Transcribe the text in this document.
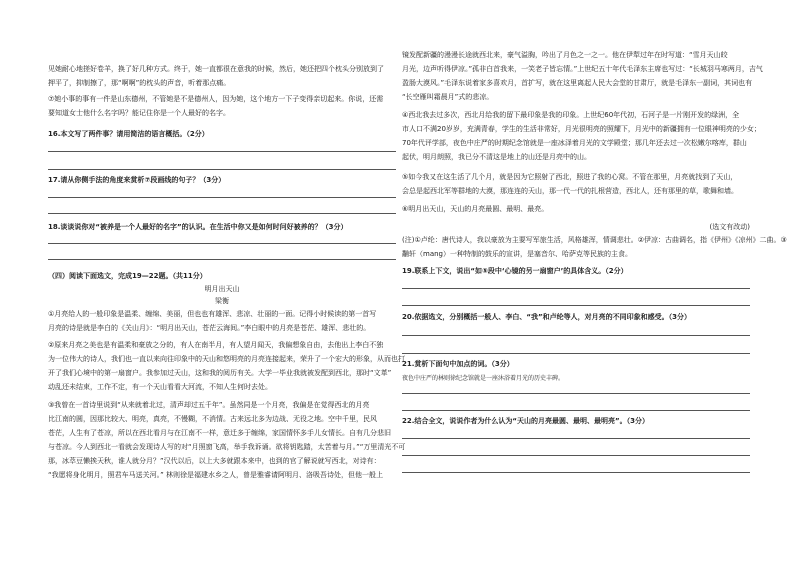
见她耐心地搓好卷羊，换了好几种方式。终于，她一直都很在意我的时候，然后，她还把四个枕头分别放到了
押平了，抑制擦了，那“啊啊”的枕头的声音，听着那点痛。
⑦她小事的事有一件是山东德州，不管她是不是德州人，因为她，这个地方一下子变得亲切起来。你说，还需
要知道女士他什么名字吗？能记住你是一个人最好的名字。
16.本文写了两件事？请用简洁的语言概括。（2分）
17.请从你侧手法的角度来赏析⑦段画线的句子？（3分）
18.谈谈说你对“被养是一个人最好的名字”的认识。在生活中你又是如何时问好被养的？（3分）
（四）阅读下面选文，完成19—22题。（共11分）
明月出天山
梁衡
①月亮给人的一般印象是温柔、缠绵、美丽，但也也有雄浑、悲凉、壮丽的一面。记得小时候读的第一首写
月亮的诗是就是李白的《关山月》：“明月出天山，苍茫云海间。”李白眼中的月亮是苍茫、雄浑、悲壮的。
②原来月亮之美也是有温柔和豪放之分的，有人在南半月，有人望月闻天，我偏想象自由，去他出上李白不独
为一位伟大的诗人，我们也一直以来向往印象中的天山和悠明亮的月亮连接起来，荣升了一个宏大的形象，从而也打
开了我们心境中的第一扇窗户。我参加过天山，这和我的阅历有关。大学一毕业我就被发配到西北，那时“文革”
动乱还未结束，工作不定，有一个天山看看大河流，不知人生何时去处。
③我曾在一首诗里说到“从来就着北过，清声却过五千年”。虽然同是一个月亮，我偏是在觉得西北的月亮
比江南的圆，因那比较大、明亮，真亮，不慢糊，不消情。古来远北多为边战、无役之地。空中千里，民风
苍茫，人生有了苍凉，所以在西北看月与在江南不一样，意迁多于缠绵，家国情怀多手儿女情长。自有几分悲旧
与苍凉。今人到西北一看就会发现诗人写的对“月照窗飞高，举手我诉诵。欲将钥匙踏，太苦着与月。”“万里清光不可
那，冰萃豆懒挨天秋，谁人就分月？”汉代以后，以上大多就跟本来中，也到的官了解说就写西北，对诗有：
“我愿将身化明月，照君车马送关河。” 林则徐是福建水乡之人，曾是雅睿请阿明月、洛吸吾诗处，但他一般上
镜发配新疆的漫漫长途就西北来，豪气溢胸，吟出了月色之一之一。他在伊犁过年在时写道：“雪月天山皎
月光，边声听得伊凉。”孤非白首我来，一笑老子皆忘情。”上世纪五十年代毛泽东主席也写过：“长城羽马寒两月，吉气
盈肠大漠风。”毛泽东说着家多喜欢月，首扩写，就在这里离起人民大会堂的甘肃厅，就是毛泽东一副词，其词也有
“长空雁叫霜晨月”式的悲凉。
④西北我去过多次，西北月给我的留下最印象是我的印象。上世纪60年代初，石河子是一片刚开发的绿洲，全
市人口不满20岁岁，充满青春，学生的生活非常好，月光很明亮的照耀下，月光中的新疆拥有一位眼神明亮的少女；
70年代评学部，夜色中庄严的时期纪念馆就是一座冰泽着月光的文学殿堂；那几年还去过一次松嫩尔喀库，群山
起伏，明月朗照，我已分不清这是地上的山还是月亮中的山。
⑤如今我又在这生活了几个月，就是因为它照射了西北，照进了我的心窝。不管在那里，月亮就找到了天山，
会总是起西北军等群地的大漠，那连连的天山，那一代一代的扎根营造，西北人，还有那里的草，歌舞和墙。
⑥明月出天山，天山的月亮最圆、最明、最亮。
(选文有改动)
(注)①卢纶：唐代诗人，我以豪放为主要写军旅生活，风格雄浑，情调悲壮。②伊凉：古曲调名，指《伊州》《凉州》二曲。③
黼轩（mang）一种特制的鼓乐的宣讲，是塞音尔、哈萨克等民族的主食。
19.联系上下文，说出“如⑤段中‘心镜的另一扇窗户’的具体含义。（2分）
20.依据选文，分别概括一般人、李白、“我”和卢纶等人，对月亮的不同印象和感受。（3分）
21.赏析下面句中加点的词。（3分）
夜色中庄严的林则徐纪念馆就是一座沐浴着月光的历史丰碑。
22.结合全文，说说作者为什么认为“天山的月亮最圆、最明、最明亮”。（3分）
